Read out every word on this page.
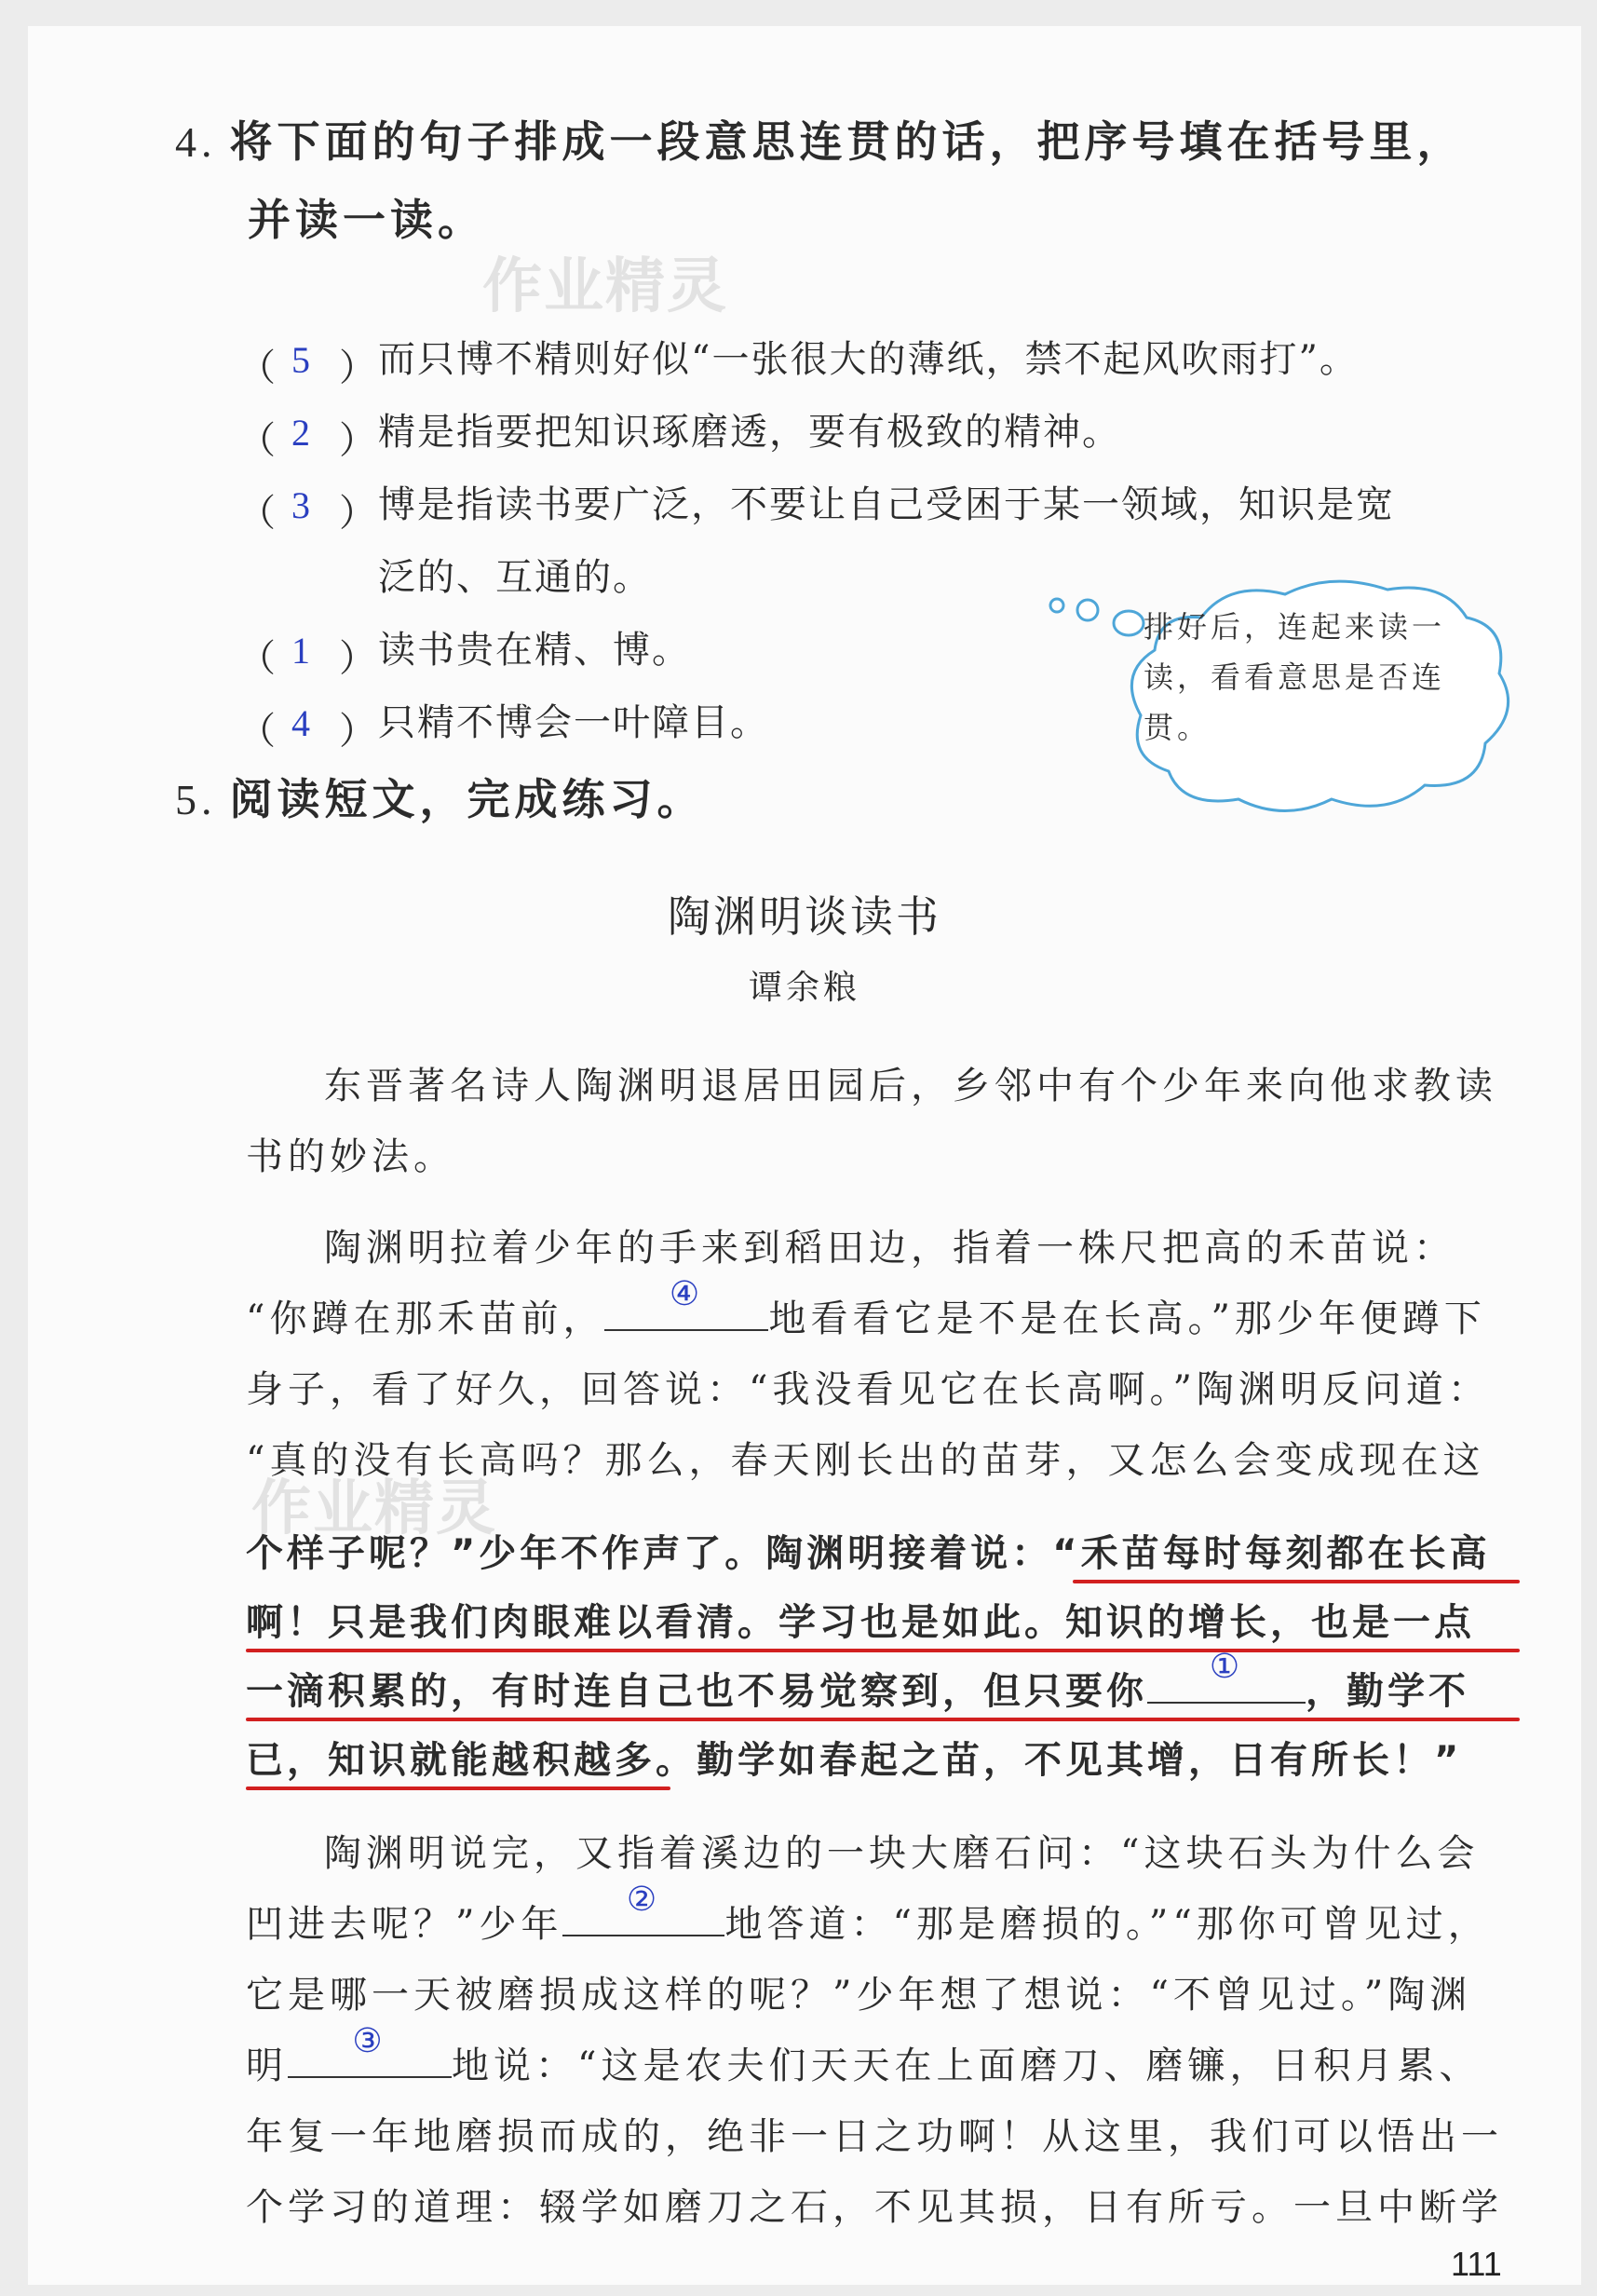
4. 将下面的句子排成一段意思连贯的话，把序号填在括号里，
并读一读。
作业精灵
（ 5 ） 而只博不精则好似“一张很大的薄纸，禁不起风吹雨打”。
（ 2 ） 精是指要把知识琢磨透，要有极致的精神。
（ 3 ） 博是指读书要广泛，不要让自己受困于某一领域，知识是宽
泛的、互通的。
（ 1 ） 读书贵在精、博。
（ 4 ） 只精不博会一叶障目。
排好后，连起来读一读，看看意思是否连贯。
5. 阅读短文，完成练习。
陶渊明谈读书
谭余粮
东晋著名诗人陶渊明退居田园后，乡邻中有个少年来向他求教读
书的妙法。
陶渊明拉着少年的手来到稻田边，指着一株尺把高的禾苗说：
“你蹲在那禾苗前，
④
地看看它是不是在长高。”那少年便蹲下
身子，看了好久，回答说：“我没看见它在长高啊。”陶渊明反问道：
“真的没有长高吗？那么，春天刚长出的苗芽，又怎么会变成现在这
作业精灵
个样子呢？”少年不作声了。陶渊明接着说：“禾苗每时每刻都在长高
啊！只是我们肉眼难以看清。学习也是如此。知识的增长，也是一点
一滴积累的，有时连自己也不易觉察到，但只要你
①
，勤学不
已，知识就能越积越多。勤学如春起之苗，不见其增，日有所长！”
陶渊明说完，又指着溪边的一块大磨石问：“这块石头为什么会
凹进去呢？”少年
②
地答道：“那是磨损的。”“那你可曾见过，
它是哪一天被磨损成这样的呢？”少年想了想说：“不曾见过。”陶渊
明
③
地说：“这是农夫们天天在上面磨刀、磨镰，日积月累、
年复一年地磨损而成的，绝非一日之功啊！从这里，我们可以悟出一
个学习的道理：辍学如磨刀之石，不见其损，日有所亏。一旦中断学
111
